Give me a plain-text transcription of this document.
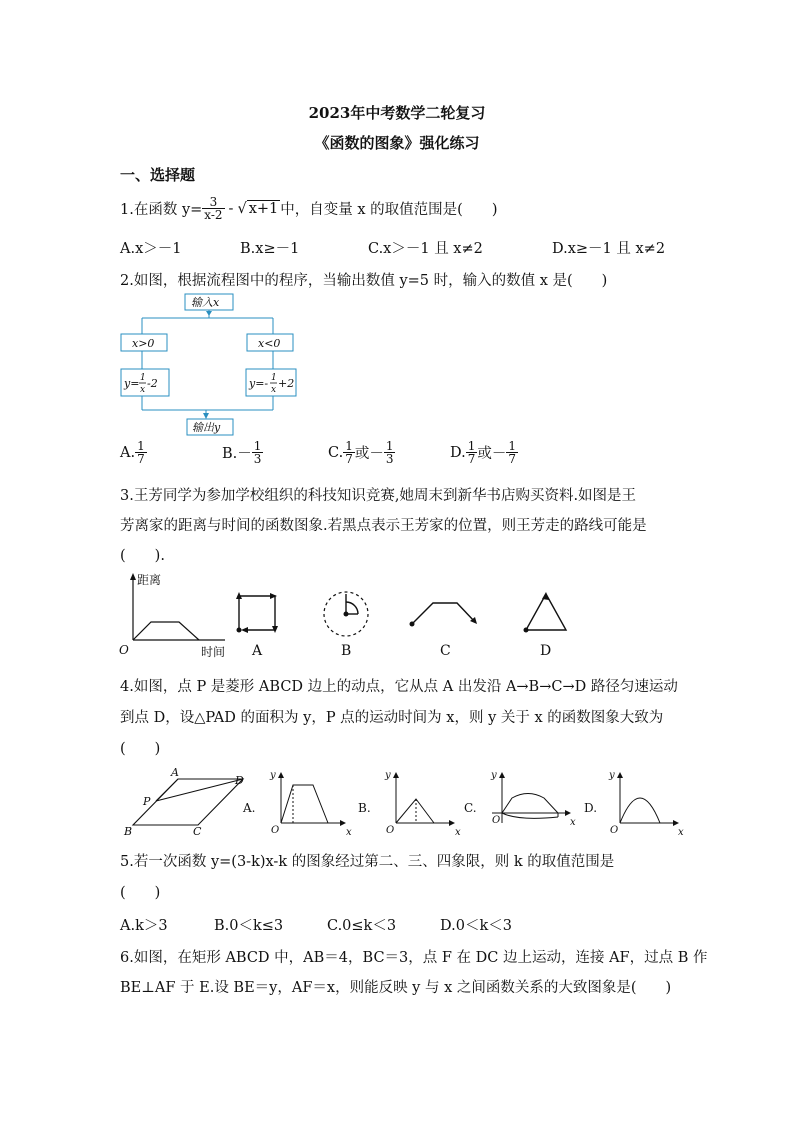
2023年中考数学二轮复习
《函数的图象》强化练习
一、选择题
1.在函数 $y= \frac{3}{x-2}$ - √ x+1 中，自变量 x 的取值范围是(　　)
A.x＞－1	B.x≥－1	C.x＞－1 且 x≠2	D.x≥－1 且 x≠2
2.如图，根据流程图中的程序，当输出数值 y=5 时，输入的数值 x 是(　　)
输入x
x>0	x<0
y= 1
x -2	y=- 1
x +2
输出y
A. $\frac{1}{7}$	$B.- \frac{1}{3}$	C. $\frac{1}{7}$ 或－ $\frac{1}{3}$	D. $\frac{1}{7}$ 或－ $\frac{1}{7}$
3.王芳同学为参加学校组织的科技知识竞赛,她周末到新华书店购买资料.如图是王
芳离家的距离与时间的函数图象.若黑点表示王芳家的位置，则王芳走的路线可能是
(　　).
距离
时间
O	A	B	C	D
4.如图，点 P 是菱形 ABCD 边上的动点，它从点 A 出发沿 A→B→C→D 路径匀速运动
到点 D，设△PAD 的面积为 y，P 点的运动时间为 x，则 y 关于 x 的函数图象大致为
(　　)
A
D
P
B	C
A.	B.	C.	D.
y
x
O
y
x
O
y
x
O
y
x
O
5.若一次函数 y=(3-k)x-k 的图象经过第二、三、四象限，则 k 的取值范围是
(　　)
A.k＞3	B.0＜k≤3	C.0≤k＜3	D.0＜k＜3
6.如图，在矩形 ABCD 中，AB＝4，BC＝3，点 F 在 DC 边上运动，连接 AF，过点 B 作
BE⊥AF 于 E.设 BE＝y，AF＝x，则能反映 y 与 x 之间函数关系的大致图象是(　　)
